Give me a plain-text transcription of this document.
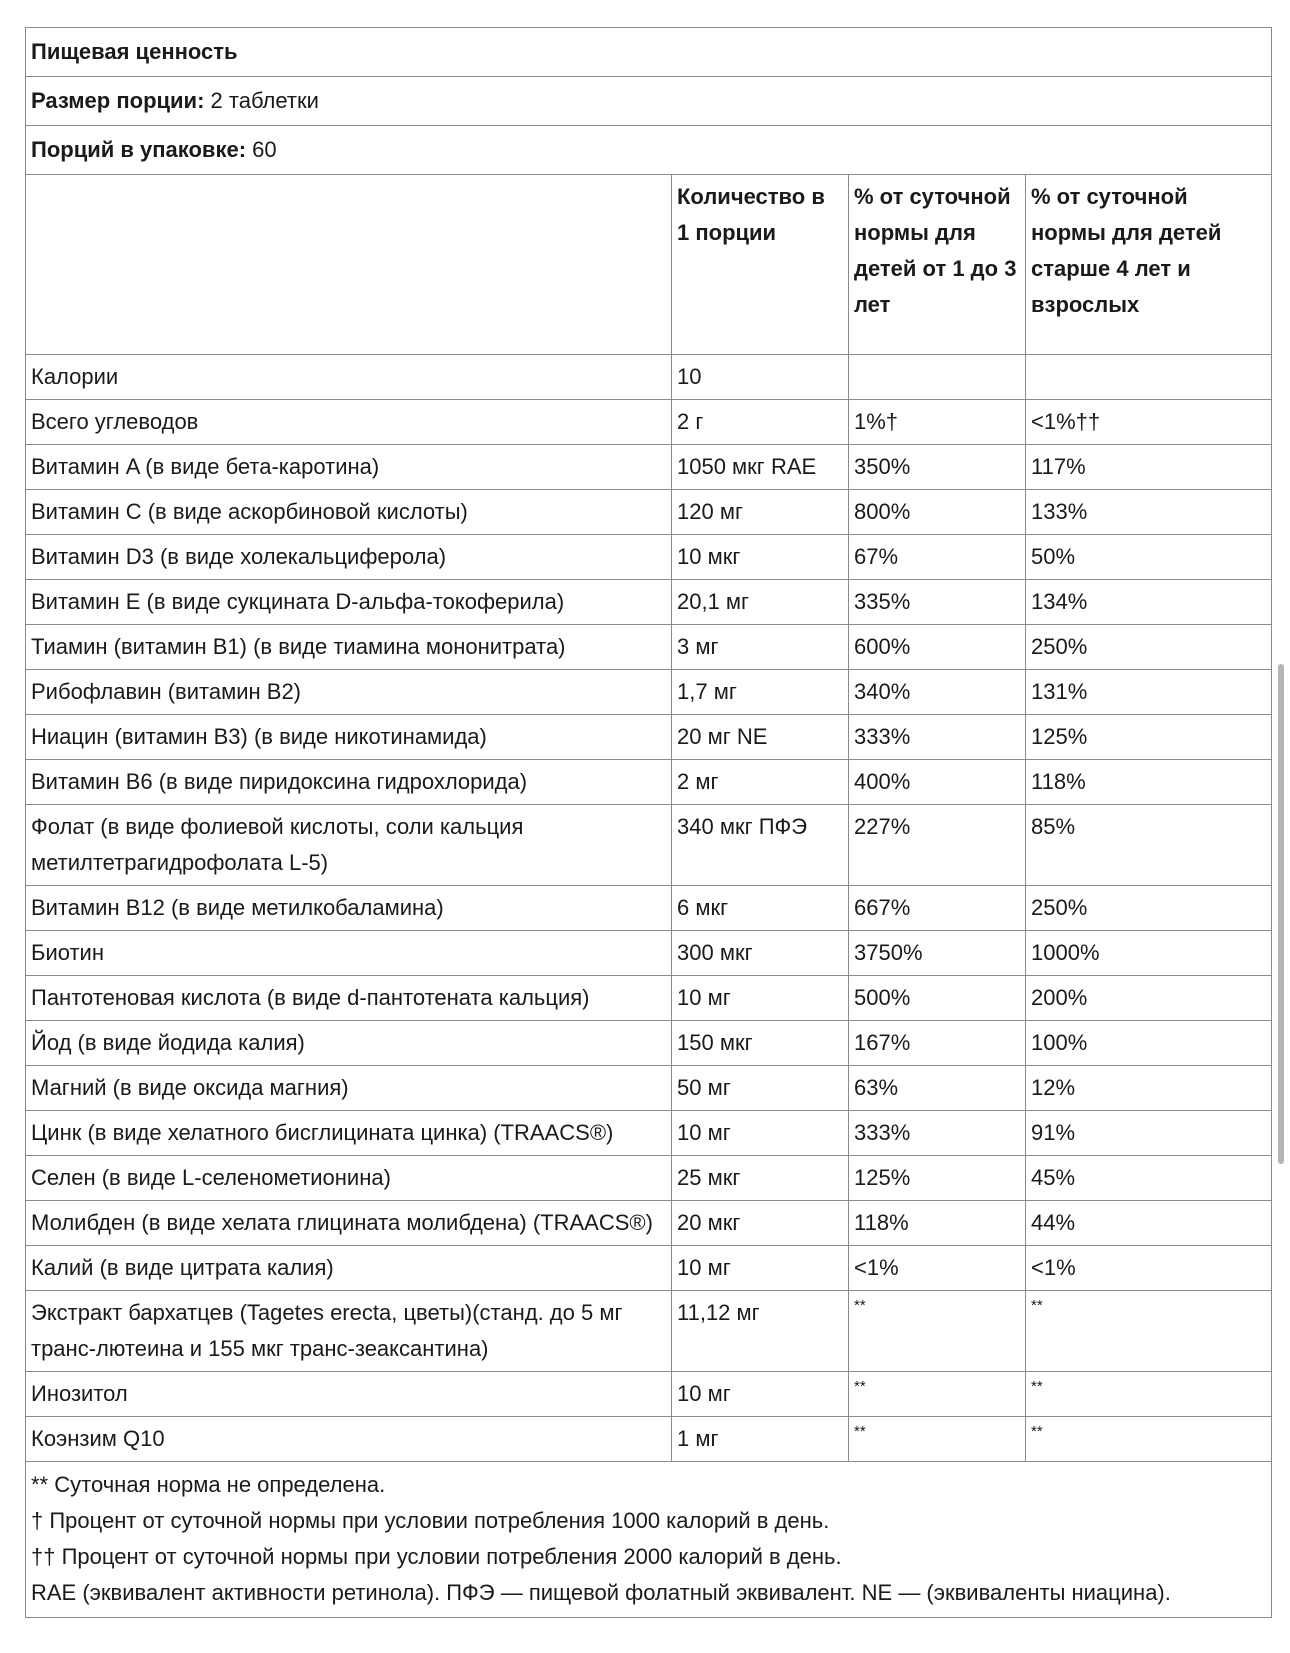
Пищевая ценность			
Размер порции: 2 таблетки			
Порций в упаковке: 60			
	Количество в 1 порции	% от суточной нормы для детей от 1 до 3 лет	% от суточной нормы для детей старше 4 лет и взрослых
Калории	10		
Всего углеводов	2 г	1%†	<1%††
Витамин A (в виде бета-каротина)	1050 мкг RAE	350%	117%
Витамин C (в виде аскорбиновой кислоты)	120 мг	800%	133%
Витамин D3 (в виде холекальциферола)	10 мкг	67%	50%
Витамин E (в виде сукцината D-альфа-токоферила)	20,1 мг	335%	134%
Тиамин (витамин B1) (в виде тиамина мононитрата)	3 мг	600%	250%
Рибофлавин (витамин B2)	1,7 мг	340%	131%
Ниацин (витамин B3) (в виде никотинамида)	20 мг NE	333%	125%
Витамин B6 (в виде пиридоксина гидрохлорида)	2 мг	400%	118%
Фолат (в виде фолиевой кислоты, соли кальция метилтетрагидрофолата L-5)	340 мкг ПФЭ	227%	85%
Витамин B12 (в виде метилкобаламина)	6 мкг	667%	250%
Биотин	300 мкг	3750%	1000%
Пантотеновая кислота (в виде d-пантотената кальция)	10 мг	500%	200%
Йод (в виде йодида калия)	150 мкг	167%	100%
Магний (в виде оксида магния)	50 мг	63%	12%
Цинк (в виде хелатного бисглицината цинка) (TRAACS®)	10 мг	333%	91%
Селен (в виде L-селенометионина)	25 мкг	125%	45%
Молибден (в виде хелата глицината молибдена) (TRAACS®)	20 мкг	118%	44%
Калий (в виде цитрата калия)	10 мг	<1%	<1%
Экстракт бархатцев (Tagetes erecta, цветы)(станд. до 5 мг транс-лютеина и 155 мкг транс-зеаксантина)	11,12 мг	**	**
Инозитол	10 мг	**	**
Коэнзим Q10	1 мг	**	**

** Суточная норма не определена.
† Процент от суточной нормы при условии потребления 1000 калорий в день.
†† Процент от суточной нормы при условии потребления 2000 калорий в день.
RAE (эквивалент активности ретинола). ПФЭ — пищевой фолатный эквивалент. NE — (эквиваленты ниацина).			
